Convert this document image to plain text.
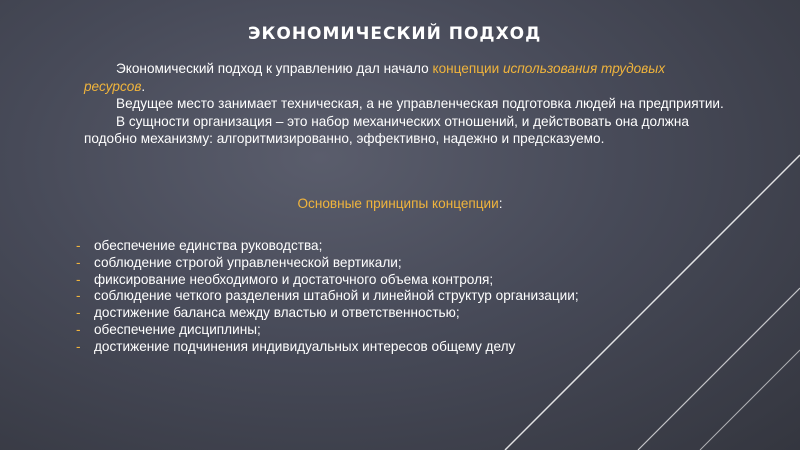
ЭКОНОМИЧЕСКИЙ ПОДХОД

Экономический подход к управлению дал начало концепции использования трудовых ресурсов.

Ведущее место занимает техническая, а не управленческая подготовка людей на предприятии.

В сущности организация – это набор механических отношений, и действовать она должна подобно механизму: алгоритмизированно, эффективно, надежно и предсказуемо.

Основные принципы концепции:
- обеспечение единства руководства;
- соблюдение строгой управленческой вертикали;
- фиксирование необходимого и достаточного объема контроля;
- соблюдение четкого разделения штабной и линейной структур организации;
- достижение баланса между властью и ответственностью;
- обеспечение дисциплины;
- достижение подчинения индивидуальных интересов общему делу
